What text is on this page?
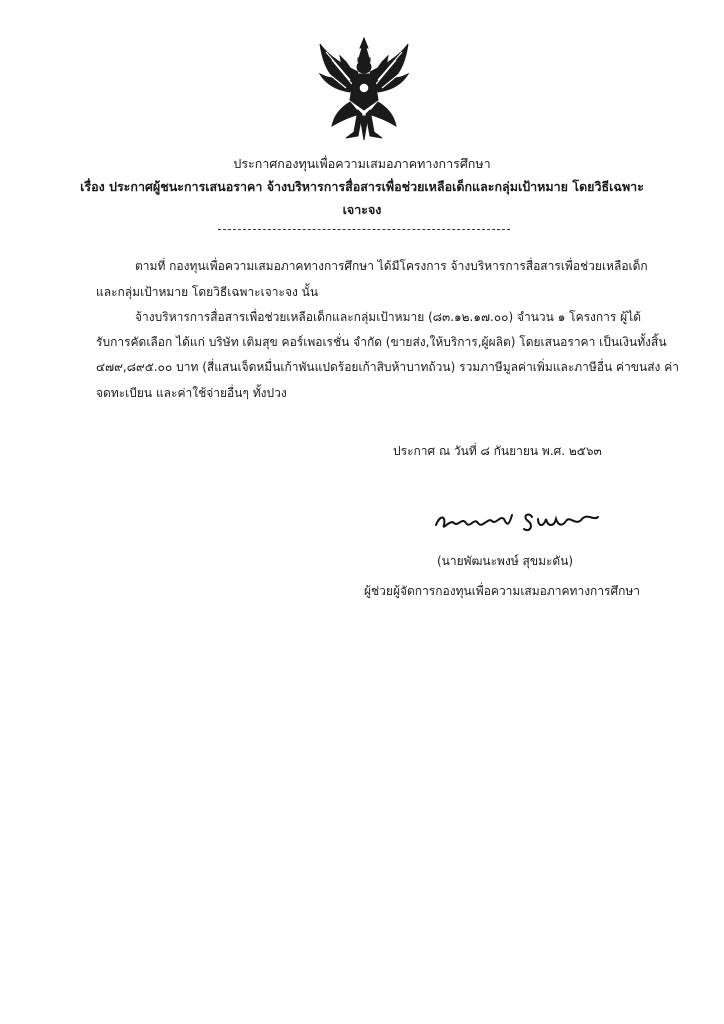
ประกาศกองทุนเพื่อความเสมอภาคทางการศึกษา
เรื่อง ประกาศผู้ชนะการเสนอราคา จ้างบริหารการสื่อสารเพื่อช่วยเหลือเด็กและกลุ่มเป้าหมาย โดยวิธีเฉพาะ
เจาะจง
ตามที่ กองทุนเพื่อความเสมอภาคทางการศึกษา ได้มีโครงการ จ้างบริหารการสื่อสารเพื่อช่วยเหลือเด็ก
และกลุ่มเป้าหมาย โดยวิธีเฉพาะเจาะจง นั้น
จ้างบริหารการสื่อสารเพื่อช่วยเหลือเด็กและกลุ่มเป้าหมาย (๘๓.๑๒.๑๗.๐๐) จำนวน ๑ โครงการ ผู้ได้
รับการคัดเลือก ได้แก่ บริษัท เติมสุข คอร์เพอเรชั่น จำกัด (ขายส่ง,ให้บริการ,ผู้ผลิต) โดยเสนอราคา เป็นเงินทั้งสิ้น
๔๗๙,๘๙๕.๐๐ บาท (สี่แสนเจ็ดหมื่นเก้าพันแปดร้อยเก้าสิบห้าบาทถ้วน) รวมภาษีมูลค่าเพิ่มและภาษีอื่น ค่าขนส่ง ค่า
จดทะเบียน และค่าใช้จ่ายอื่นๆ ทั้งปวง
ประกาศ ณ วันที่ ๘ กันยายน พ.ศ. ๒๕๖๓
(นายพัฒนะพงษ์ สุขมะดัน)
ผู้ช่วยผู้จัดการกองทุนเพื่อความเสมอภาคทางการศึกษา
